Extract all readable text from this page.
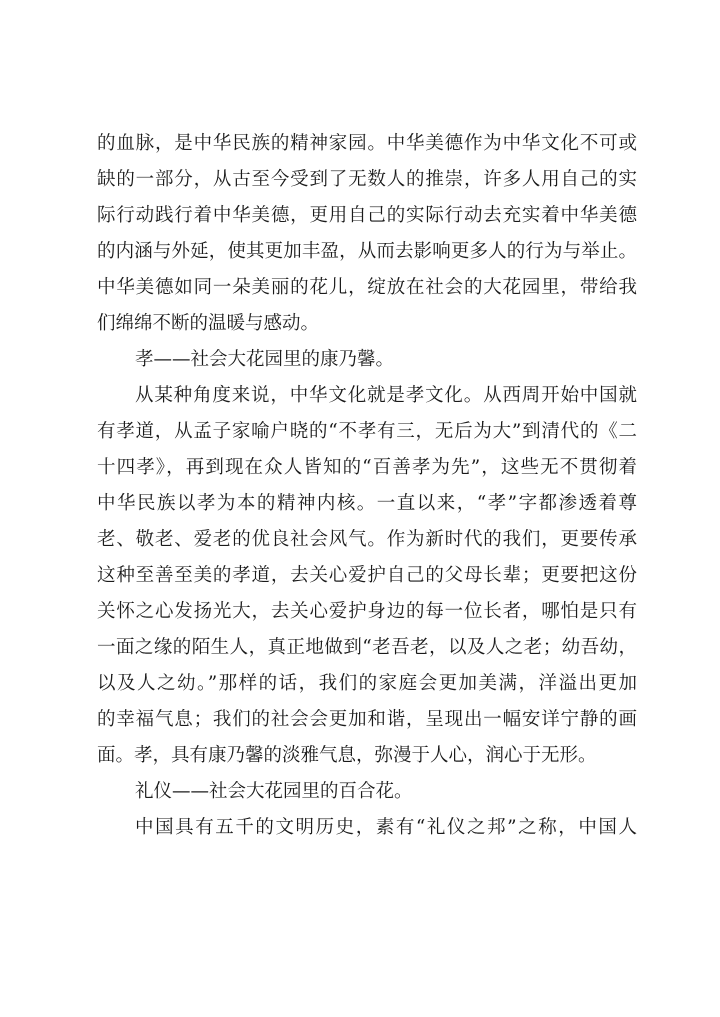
的血脉，是中华民族的精神家园。中华美德作为中华文化不可或
缺的一部分，从古至今受到了无数人的推崇，许多人用自己的实
际行动践行着中华美德，更用自己的实际行动去充实着中华美德
的内涵与外延，使其更加丰盈，从而去影响更多人的行为与举止。
中华美德如同一朵美丽的花儿，绽放在社会的大花园里，带给我
们绵绵不断的温暖与感动。
孝——社会大花园里的康乃馨。
从某种角度来说，中华文化就是孝文化。从西周开始中国就
有孝道，从孟子家喻户晓的“不孝有三，无后为大”到清代的《二
十四孝》，再到现在众人皆知的“百善孝为先”，这些无不贯彻着
中华民族以孝为本的精神内核。一直以来，“孝”字都渗透着尊
老、敬老、爱老的优良社会风气。作为新时代的我们，更要传承
这种至善至美的孝道，去关心爱护自己的父母长辈；更要把这份
关怀之心发扬光大，去关心爱护身边的每一位长者，哪怕是只有
一面之缘的陌生人，真正地做到“老吾老，以及人之老；幼吾幼，
以及人之幼。”那样的话，我们的家庭会更加美满，洋溢出更加
的幸福气息；我们的社会会更加和谐，呈现出一幅安详宁静的画
面。孝，具有康乃馨的淡雅气息，弥漫于人心，润心于无形。
礼仪——社会大花园里的百合花。
中国具有五千的文明历史，素有“礼仪之邦”之称，中国人
